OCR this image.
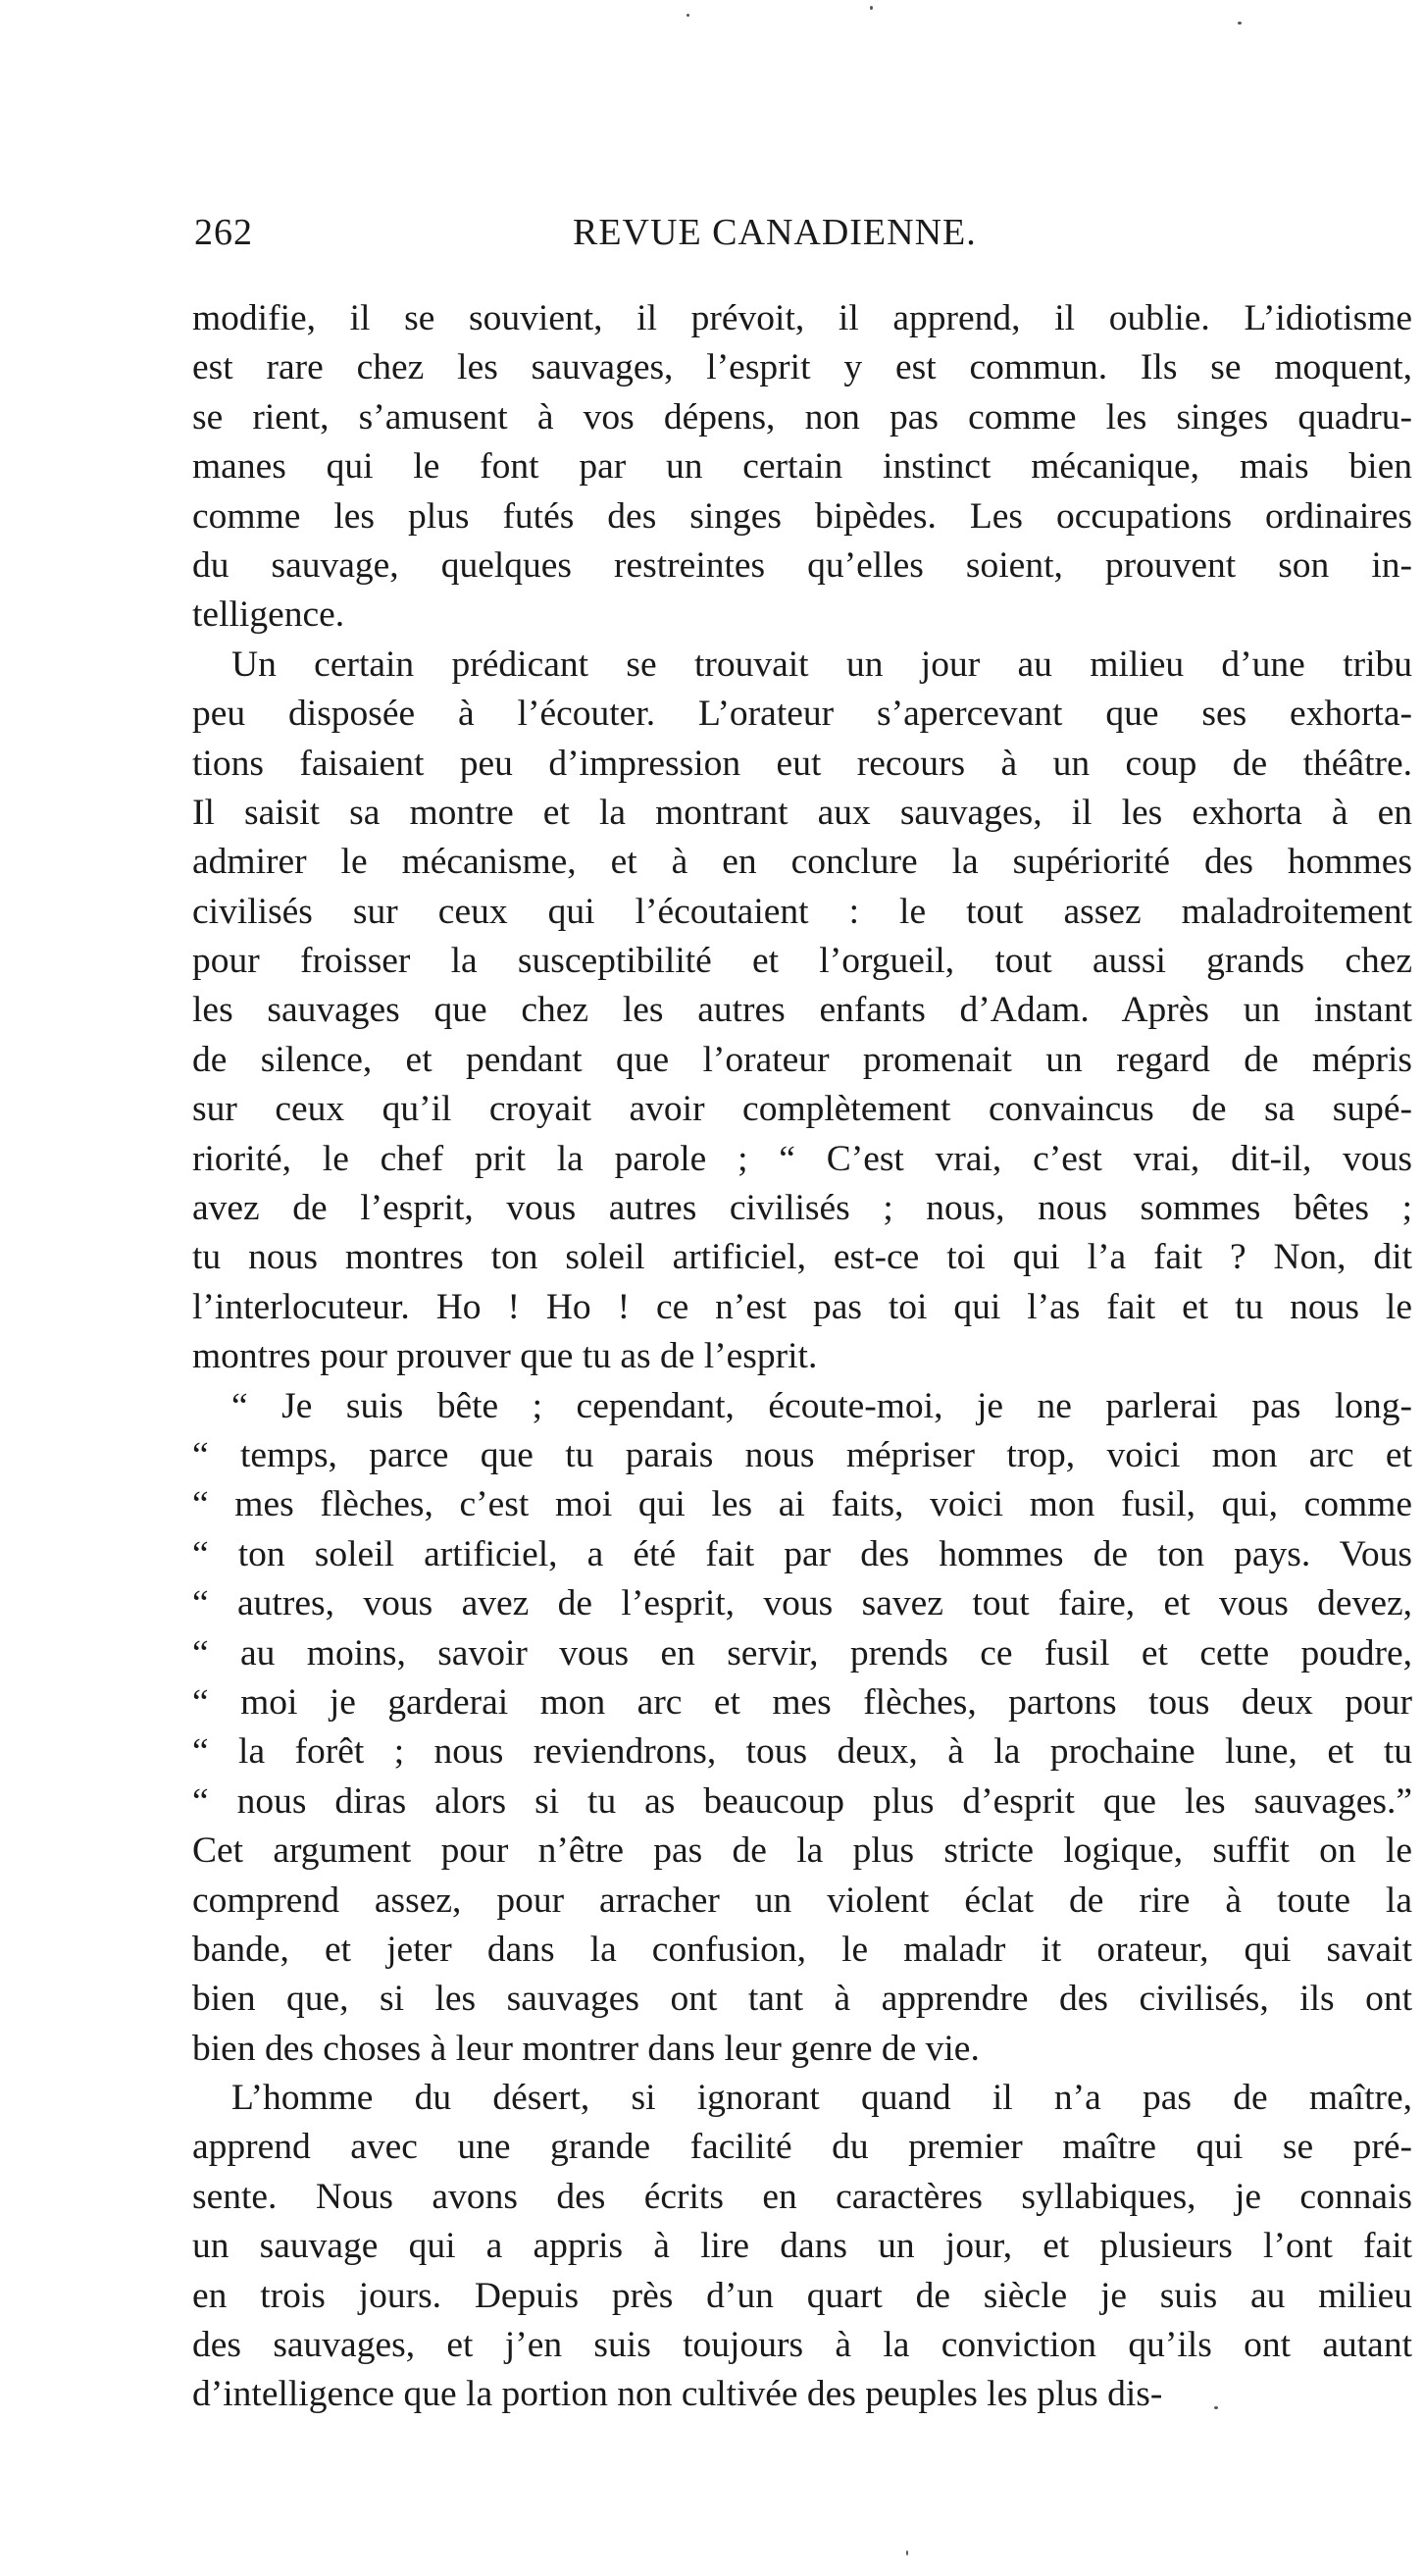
262	REVUE CANADIENNE.
modifie, il se souvient, il prévoit, il apprend, il oublie. L’idiotisme
est rare chez les sauvages, l’esprit y est commun. Ils se moquent,
se rient, s’amusent à vos dépens, non pas comme les singes quadru-
manes qui le font par un certain instinct mécanique, mais bien
comme les plus futés des singes bipèdes. Les occupations ordinaires
du sauvage, quelques restreintes qu’elles soient, prouvent son in-
telligence.
Un certain prédicant se trouvait un jour au milieu d’une tribu
peu disposée à l’écouter. L’orateur s’apercevant que ses exhorta-
tions faisaient peu d’impression eut recours à un coup de théâtre.
Il saisit sa montre et la montrant aux sauvages, il les exhorta à en
admirer le mécanisme, et à en conclure la supériorité des hommes
civilisés sur ceux qui l’écoutaient : le tout assez maladroitement
pour froisser la susceptibilité et l’orgueil, tout aussi grands chez
les sauvages que chez les autres enfants d’Adam. Après un instant
de silence, et pendant que l’orateur promenait un regard de mépris
sur ceux qu’il croyait avoir complètement convaincus de sa supé-
riorité, le chef prit la parole ; “ C’est vrai, c’est vrai, dit-il, vous
avez de l’esprit, vous autres civilisés ; nous, nous sommes bêtes ;
tu nous montres ton soleil artificiel, est-ce toi qui l’a fait ? Non, dit
l’interlocuteur. Ho ! Ho ! ce n’est pas toi qui l’as fait et tu nous le
montres pour prouver que tu as de l’esprit.
“ Je suis bête ; cependant, écoute-moi, je ne parlerai pas long-
“ temps, parce que tu parais nous mépriser trop, voici mon arc et
“ mes flèches, c’est moi qui les ai faits, voici mon fusil, qui, comme
“ ton soleil artificiel, a été fait par des hommes de ton pays. Vous
“ autres, vous avez de l’esprit, vous savez tout faire, et vous devez,
“ au moins, savoir vous en servir, prends ce fusil et cette poudre,
“ moi je garderai mon arc et mes flèches, partons tous deux pour
“ la forêt ; nous reviendrons, tous deux, à la prochaine lune, et tu
“ nous diras alors si tu as beaucoup plus d’esprit que les sauvages.”
Cet argument pour n’être pas de la plus stricte logique, suffit on le
comprend assez, pour arracher un violent éclat de rire à toute la
bande, et jeter dans la confusion, le maladr it orateur, qui savait
bien que, si les sauvages ont tant à apprendre des civilisés, ils ont
bien des choses à leur montrer dans leur genre de vie.
L’homme du désert, si ignorant quand il n’a pas de maître,
apprend avec une grande facilité du premier maître qui se pré-
sente. Nous avons des écrits en caractères syllabiques, je connais
un sauvage qui a appris à lire dans un jour, et plusieurs l’ont fait
en trois jours. Depuis près d’un quart de siècle je suis au milieu
des sauvages, et j’en suis toujours à la conviction qu’ils ont autant
d’intelligence que la portion non cultivée des peuples les plus dis-
